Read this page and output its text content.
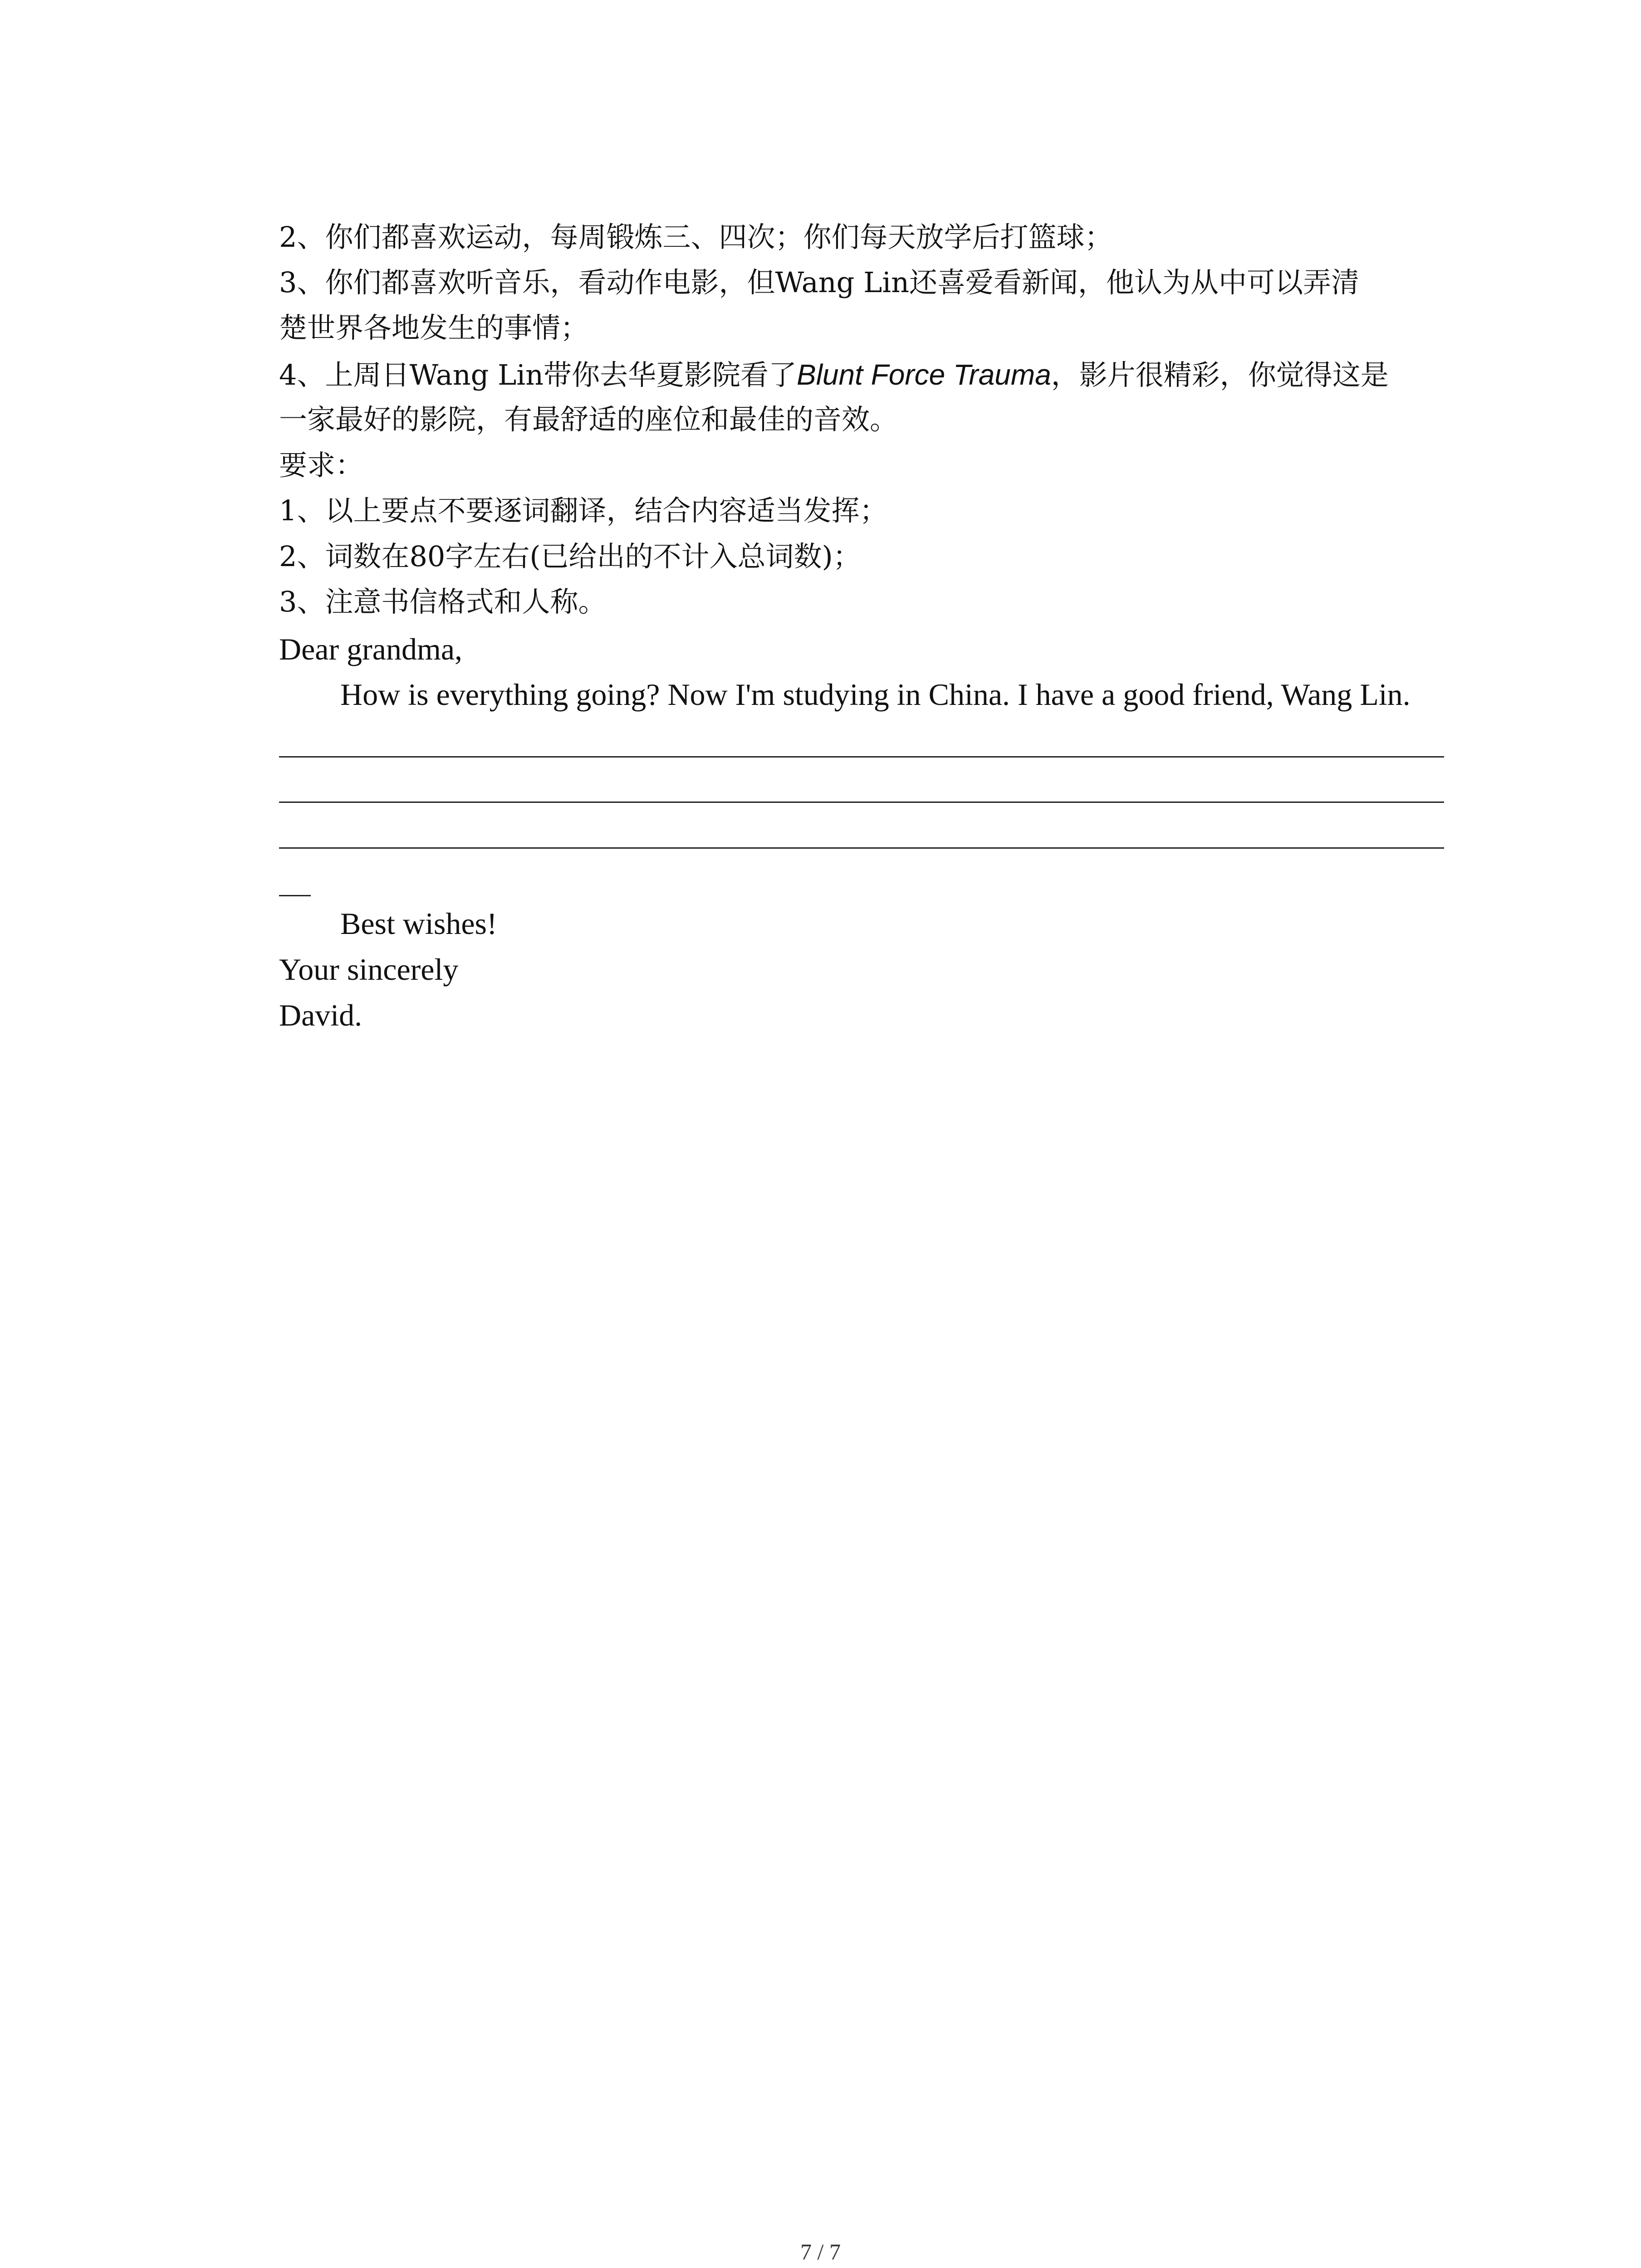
2、你们都喜欢运动，每周锻炼三、四次；你们每天放学后打篮球；
3、你们都喜欢听音乐，看动作电影，但Wang Lin还喜爱看新闻，他认为从中可以弄清
楚世界各地发生的事情；
4、上周日Wang Lin带你去华夏影院看了Blunt Force Trauma，影片很精彩，你觉得这是
一家最好的影院，有最舒适的座位和最佳的音效。
要求：
1、以上要点不要逐词翻译，结合内容适当发挥；
2、词数在80字左右(已给出的不计入总词数)；
3、注意书信格式和人称。
Dear grandma,
How is everything going? Now I'm studying in China. I have a good friend, Wang Lin.
Best wishes!
Your sincerely
David.
7 / 7
